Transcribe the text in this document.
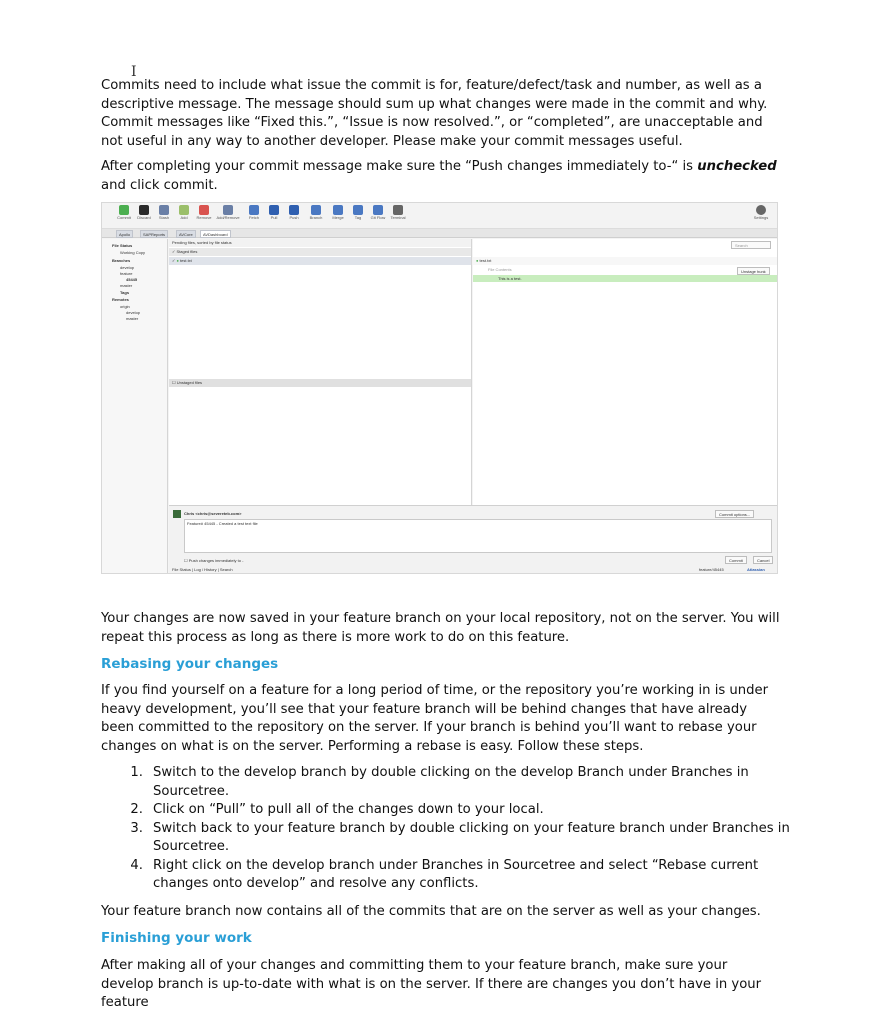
I

Commits need to include what issue the commit is for, feature/defect/task and number, as well as a descriptive message. The message should sum up what changes were made in the commit and why. Commit messages like “Fixed this.”, “Issue is now resolved.”, or “completed”, are unacceptable and not useful in any way to another developer. Please make your commit messages useful.

After completing your commit message make sure the “Push changes immediately to-“ is unchecked and click commit.

Commit	Discard	Stash	Add	Remove	Add/Remove	Fetch	Pull	Push	Branch	Merge	Tag	Git Flow	Terminal	Settings
Apollo	SAPReports	AVCore	AVDashboard
File Status
Working Copy
Branches
develop
feature
45445
master
Tags
Remotes
origin
develop
master
Pending files, sorted by file status
✓ Staged files
✓ ● test.txt
☐ Unstaged files
Search
● test.txt
File Contents	Unstage hunk
This is a test.
Chris <chris@severeteb.com>	Commit options...
Feature# 45445 - Created a test text file
☐ Push changes immediately to -	Commit	Cancel
File Status | Log / History | Search	feature/45445	Atlassian

Your changes are now saved in your feature branch on your local repository, not on the server. You will repeat this process as long as there is more work to do on this feature.

Rebasing your changes

If you find yourself on a feature for a long period of time, or the repository you’re working in is under heavy development, you’ll see that your feature branch will be behind changes that have already been committed to the repository on the server. If your branch is behind you’ll want to rebase your changes on what is on the server. Performing a rebase is easy. Follow these steps.

1. Switch to the develop branch by double clicking on the develop Branch under Branches in Sourcetree.
2. Click on “Pull” to pull all of the changes down to your local.
3. Switch back to your feature branch by double clicking on your feature branch under Branches in Sourcetree.
4. Right click on the develop branch under Branches in Sourcetree and select “Rebase current changes onto develop” and resolve any conflicts.

Your feature branch now contains all of the commits that are on the server as well as your changes.

Finishing your work

After making all of your changes and committing them to your feature branch, make sure your develop branch is up-to-date with what is on the server. If there are changes you don’t have in your feature
